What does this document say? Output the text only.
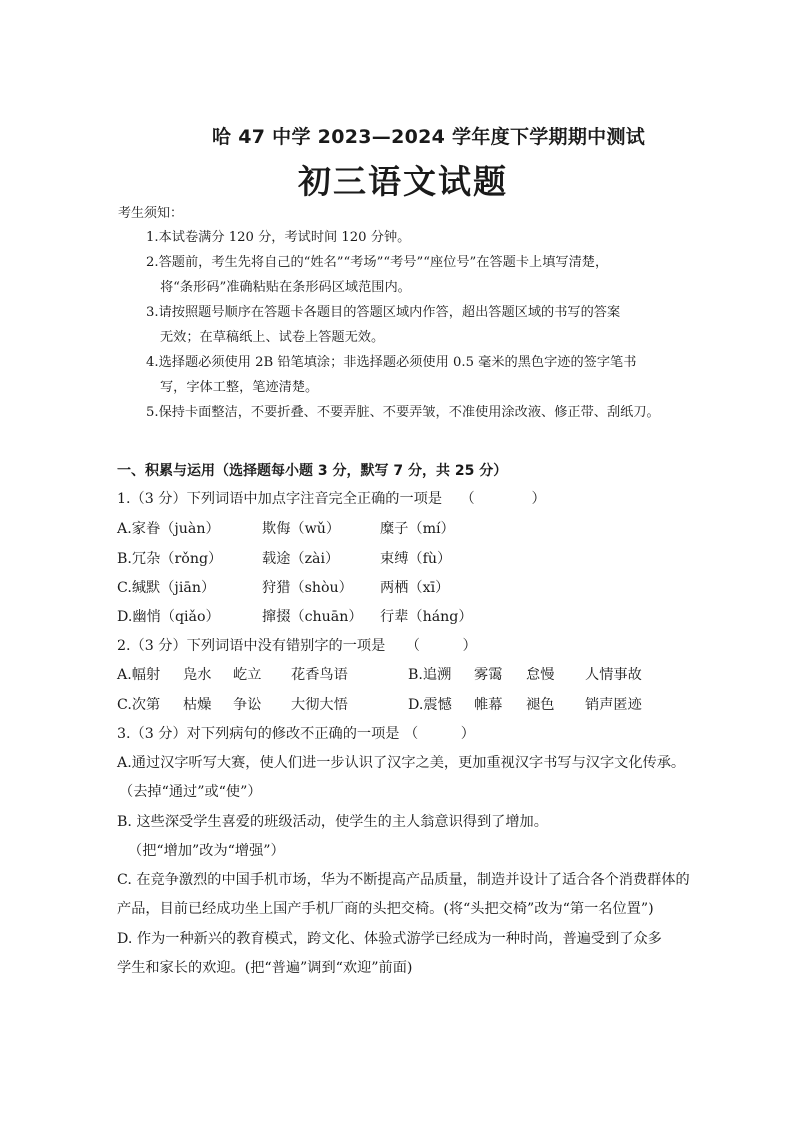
哈 47 中学 2023—2024 学年度下学期期中测试
初三语文试题
考生须知：
1.本试卷满分 120 分，考试时间 120 分钟。
2.答题前，考生先将自己的“姓名”“考场”“考号”“座位号”在答题卡上填写清楚，
将“条形码”准确粘贴在条形码区域范围内。
3.请按照题号顺序在答题卡各题目的答题区域内作答，超出答题区域的书写的答案
无效；在草稿纸上、试卷上答题无效。
4.选择题必须使用 2B 铅笔填涂；非选择题必须使用 0.5 毫米的黑色字迹的签字笔书
写，字体工整，笔迹清楚。
5.保持卡面整洁，不要折叠、不要弄脏、不要弄皱，不准使用涂改液、修正带、刮纸刀。
一、积累与运用（选择题每小题 3 分，默写 7 分，共 25 分）
1.（3 分）下列词语中加点字注音完全正确的一项是 （　　　　）
A.家眷（juàn）	欺侮（wǔ）	糜子（mí）
B.冗杂（rǒng）	载途（zài）	束缚（fù）
C.缄默（jiān）	狩猎（shòu） 两栖（xī）
D.幽悄（qiǎo）	撺掇（chuān） 行辈（háng）
2.（3 分）下列词语中没有错别字的一项是 （　　　）
A.幅射 凫水 屹立 花香鸟语	B.追溯 雾霭 怠慢 人情事故
C.次第 枯燥 争讼 大彻大悟	D.震憾 帷幕 褪色 销声匿迹
3.（3 分）对下列病句的修改不正确的一项是 （　　　）
A.通过汉字听写大赛，使人们进一步认识了汉字之美，更加重视汉字书写与汉字文化传承。
（去掉“通过”或“使”）
B. 这些深受学生喜爱的班级活动，使学生的主人翁意识得到了增加。
（把“增加”改为“增强”）
C. 在竞争激烈的中国手机市场，华为不断提高产品质量，制造并设计了适合各个消费群体的
产品，目前已经成功坐上国产手机厂商的头把交椅。(将“头把交椅”改为“第一名位置”)
D. 作为一种新兴的教育模式，跨文化、体验式游学已经成为一种时尚，普遍受到了众多
学生和家长的欢迎。(把“普遍”调到“欢迎”前面)
